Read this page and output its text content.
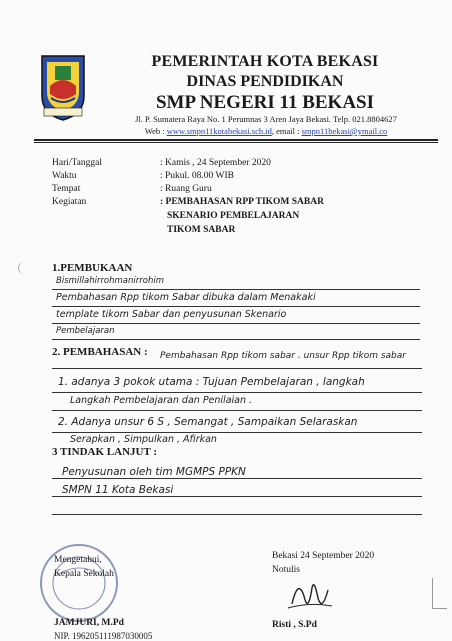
PEMERINTAH KOTA BEKASI
DINAS PENDIDIKAN
SMP NEGERI 11 BEKASI
Jl. P. Sumatera Raya No. 1 Perumnas 3 Aren Jaya Bekasi. Telp. 021.8804627
Web : www.smpn11kotabekasi.sch.id, email : smpn11bekasi@ymail.co
Hari/Tanggal	: Kamis , 24 September 2020
Waktu	: Pukul. 08.00 WIB
Tempat	: Ruang Guru
Kegiatan	: PEMBAHASAN RPP TIKOM SABAR
SKENARIO PEMBELAJARAN
TIKOM SABAR
1.PEMBUKAAN
Bismillahirrohmanirrohim
Pembahasan Rpp tikom Sabar dibuka dalam Menakaki
template tikom Sabar dan penyusunan Skenario
Pembelajaran
2. PEMBAHASAN : Pembahasan Rpp tikom sabar . unsur Rpp tikom sabar
1. adanya 3 pokok utama : Tujuan Pembelajaran , langkah
Langkah Pembelajaran dan Penilaian .
2. Adanya unsur 6 S , Semangat , Sampaikan Selaraskan
Serapkan , Simpulkan , Afirkan
3 TINDAK LANJUT :
Penyusunan oleh tim MGMPS PPKN
SMPN 11 Kota Bekasi
Mengetahui,
Kepala Sekolah
JAMJURI, M.Pd
NIP. 196205111987030005
Bekasi 24 September 2020
Notulis
Risti , S.Pd
